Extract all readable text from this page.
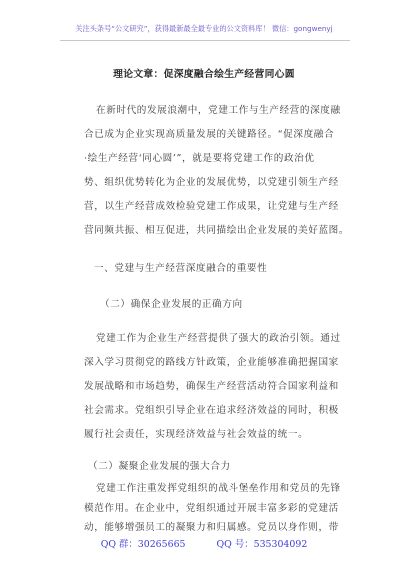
关注头条号“公文研究”，获得最新最全最专业的公文资料库！ 微信：gongwenyj
理论文章：促深度融合绘生产经营同心圆
在新时代的发展浪潮中，党建工作与生产经营的深度融
合已成为企业实现高质量发展的关键路径。“促深度融合
·绘生产经营‘同心圆’”，就是要将党建工作的政治优
势、组织优势转化为企业的发展优势，以党建引领生产经
营，以生产经营成效检验党建工作成果，让党建与生产经
营同频共振、相互促进，共同描绘出企业发展的美好蓝图。
一、党建与生产经营深度融合的重要性
（二）确保企业发展的正确方向
党建工作为企业生产经营提供了强大的政治引领。通过
深入学习贯彻党的路线方针政策，企业能够准确把握国家
发展战略和市场趋势，确保生产经营活动符合国家利益和
社会需求。党组织引导企业在追求经济效益的同时，积极
履行社会责任，实现经济效益与社会效益的统一。
（二）凝聚企业发展的强大合力
党建工作注重发挥党组织的战斗堡垒作用和党员的先锋
模范作用。在企业中，党组织通过开展丰富多彩的党建活
QQ 群：30265665	QQ 号：535304092
动，能够增强员工的凝聚力和归属感。党员以身作则，带
